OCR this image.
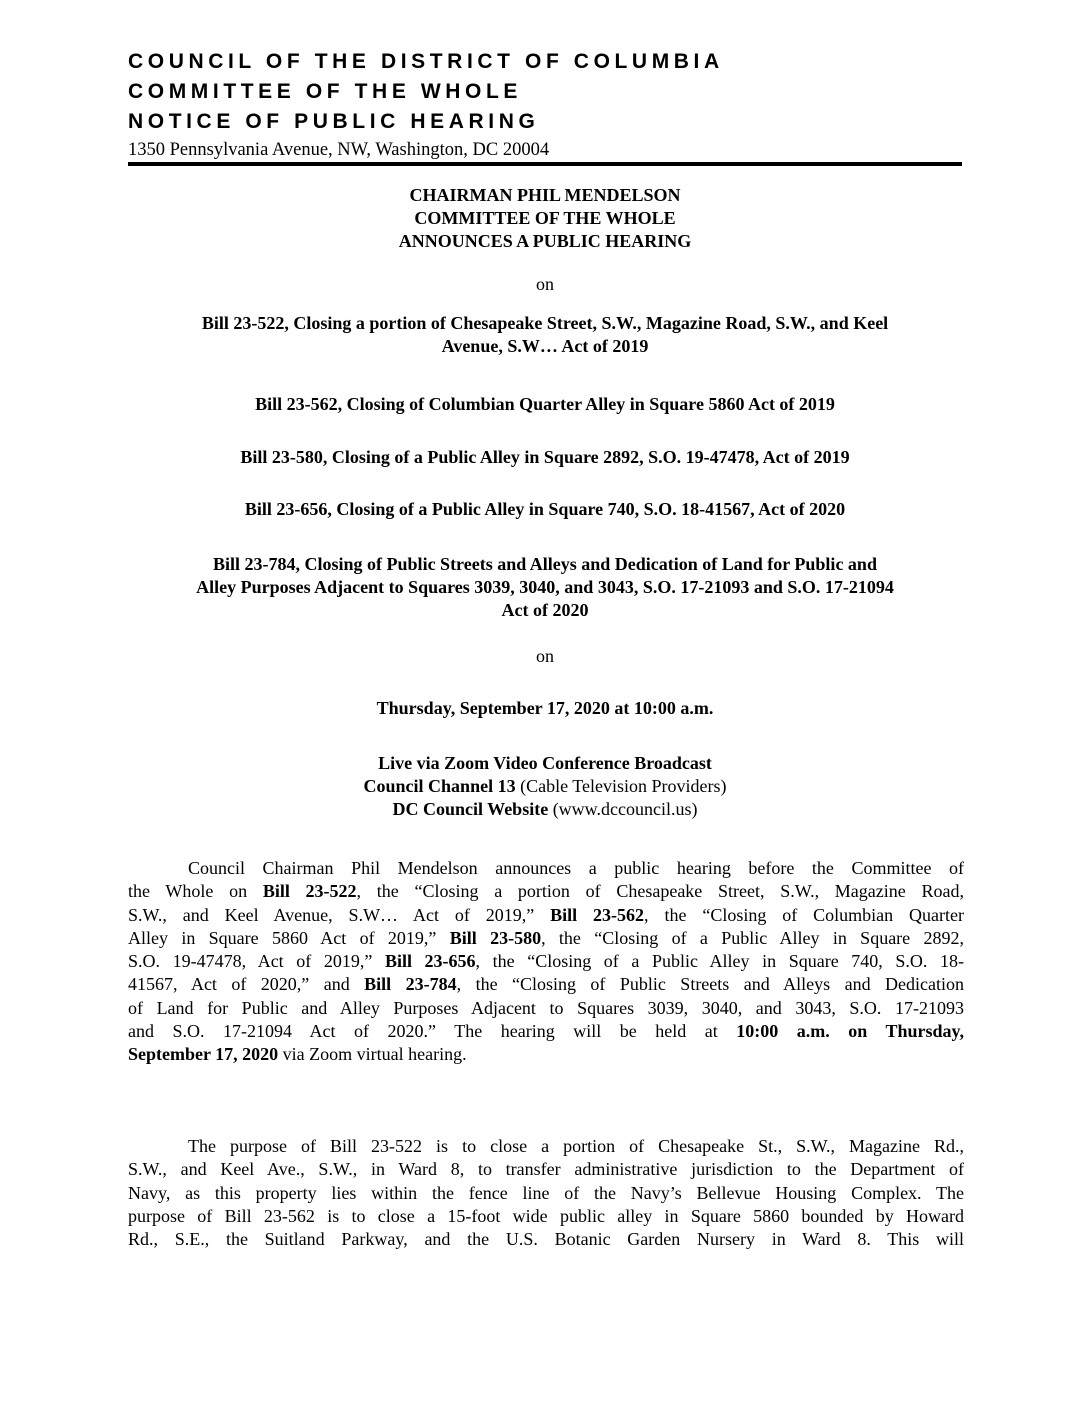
COUNCIL OF THE DISTRICT OF COLUMBIA
COMMITTEE OF THE WHOLE
NOTICE OF PUBLIC HEARING
1350 Pennsylvania Avenue, NW, Washington, DC 20004
CHAIRMAN PHIL MENDELSON
COMMITTEE OF THE WHOLE
ANNOUNCES A PUBLIC HEARING
on
Bill 23-522, Closing a portion of Chesapeake Street, S.W., Magazine Road, S.W., and Keel
Avenue, S.W… Act of 2019
Bill 23-562, Closing of Columbian Quarter Alley in Square 5860 Act of 2019
Bill 23-580, Closing of a Public Alley in Square 2892, S.O. 19-47478, Act of 2019
Bill 23-656, Closing of a Public Alley in Square 740, S.O. 18-41567, Act of 2020
Bill 23-784, Closing of Public Streets and Alleys and Dedication of Land for Public and
Alley Purposes Adjacent to Squares 3039, 3040, and 3043, S.O. 17-21093 and S.O. 17-21094
Act of 2020
on
Thursday, September 17, 2020 at 10:00 a.m.
Live via Zoom Video Conference Broadcast
Council Channel 13 (Cable Television Providers)
DC Council Website (www.dccouncil.us)
Council Chairman Phil Mendelson announces a public hearing before the Committee of
the Whole on Bill 23-522, the “Closing a portion of Chesapeake Street, S.W., Magazine Road,
S.W., and Keel Avenue, S.W… Act of 2019,” Bill 23-562, the “Closing of Columbian Quarter
Alley in Square 5860 Act of 2019,” Bill 23-580, the “Closing of a Public Alley in Square 2892,
S.O. 19-47478, Act of 2019,” Bill 23-656, the “Closing of a Public Alley in Square 740, S.O. 18-
41567, Act of 2020,” and Bill 23-784, the “Closing of Public Streets and Alleys and Dedication
of Land for Public and Alley Purposes Adjacent to Squares 3039, 3040, and 3043, S.O. 17-21093
and S.O. 17-21094 Act of 2020.” The hearing will be held at 10:00 a.m. on Thursday,
September 17, 2020 via Zoom virtual hearing.
The purpose of Bill 23-522 is to close a portion of Chesapeake St., S.W., Magazine Rd.,
S.W., and Keel Ave., S.W., in Ward 8, to transfer administrative jurisdiction to the Department of
Navy, as this property lies within the fence line of the Navy’s Bellevue Housing Complex. The
purpose of Bill 23-562 is to close a 15-foot wide public alley in Square 5860 bounded by Howard
Rd., S.E., the Suitland Parkway, and the U.S. Botanic Garden Nursery in Ward 8. This will
